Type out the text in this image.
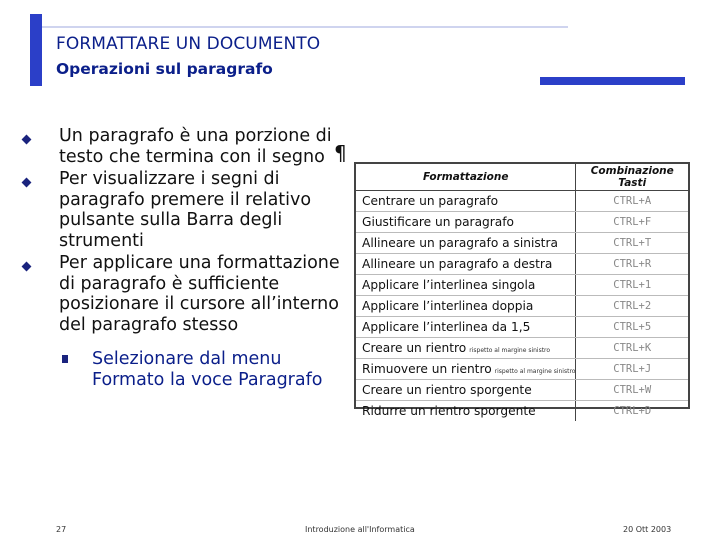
FORMATTARE UN DOCUMENTO
Operazioni sul paragrafo
Un paragrafo è una porzione di testo che termina con il segno
Per visualizzare i segni di paragrafo premere il relativo pulsante sulla Barra degli strumenti
Per applicare una formattazione di paragrafo è sufficiente posizionare il cursore all’interno del paragrafo stesso
Selezionare dal menu Formato la voce Paragrafo
¶
Formattazione	Combinazione Tasti
Centrare un paragrafo	CTRL+A
Giustificare un paragrafo	CTRL+F
Allineare un paragrafo a sinistra	CTRL+T
Allineare un paragrafo a destra	CTRL+R
Applicare l’interlinea singola	CTRL+1
Applicare l’interlinea doppia	CTRL+2
Applicare l’interlinea da 1,5	CTRL+5
Creare un rientro rispetto al margine sinistro	CTRL+K
Rimuovere un rientro rispetto al margine sinistro	CTRL+J
Creare un rientro sporgente	CTRL+W
Ridurre un rientro sporgente	CTRL+D
27	Introduzione all'Informatica	20 Ott 2003
